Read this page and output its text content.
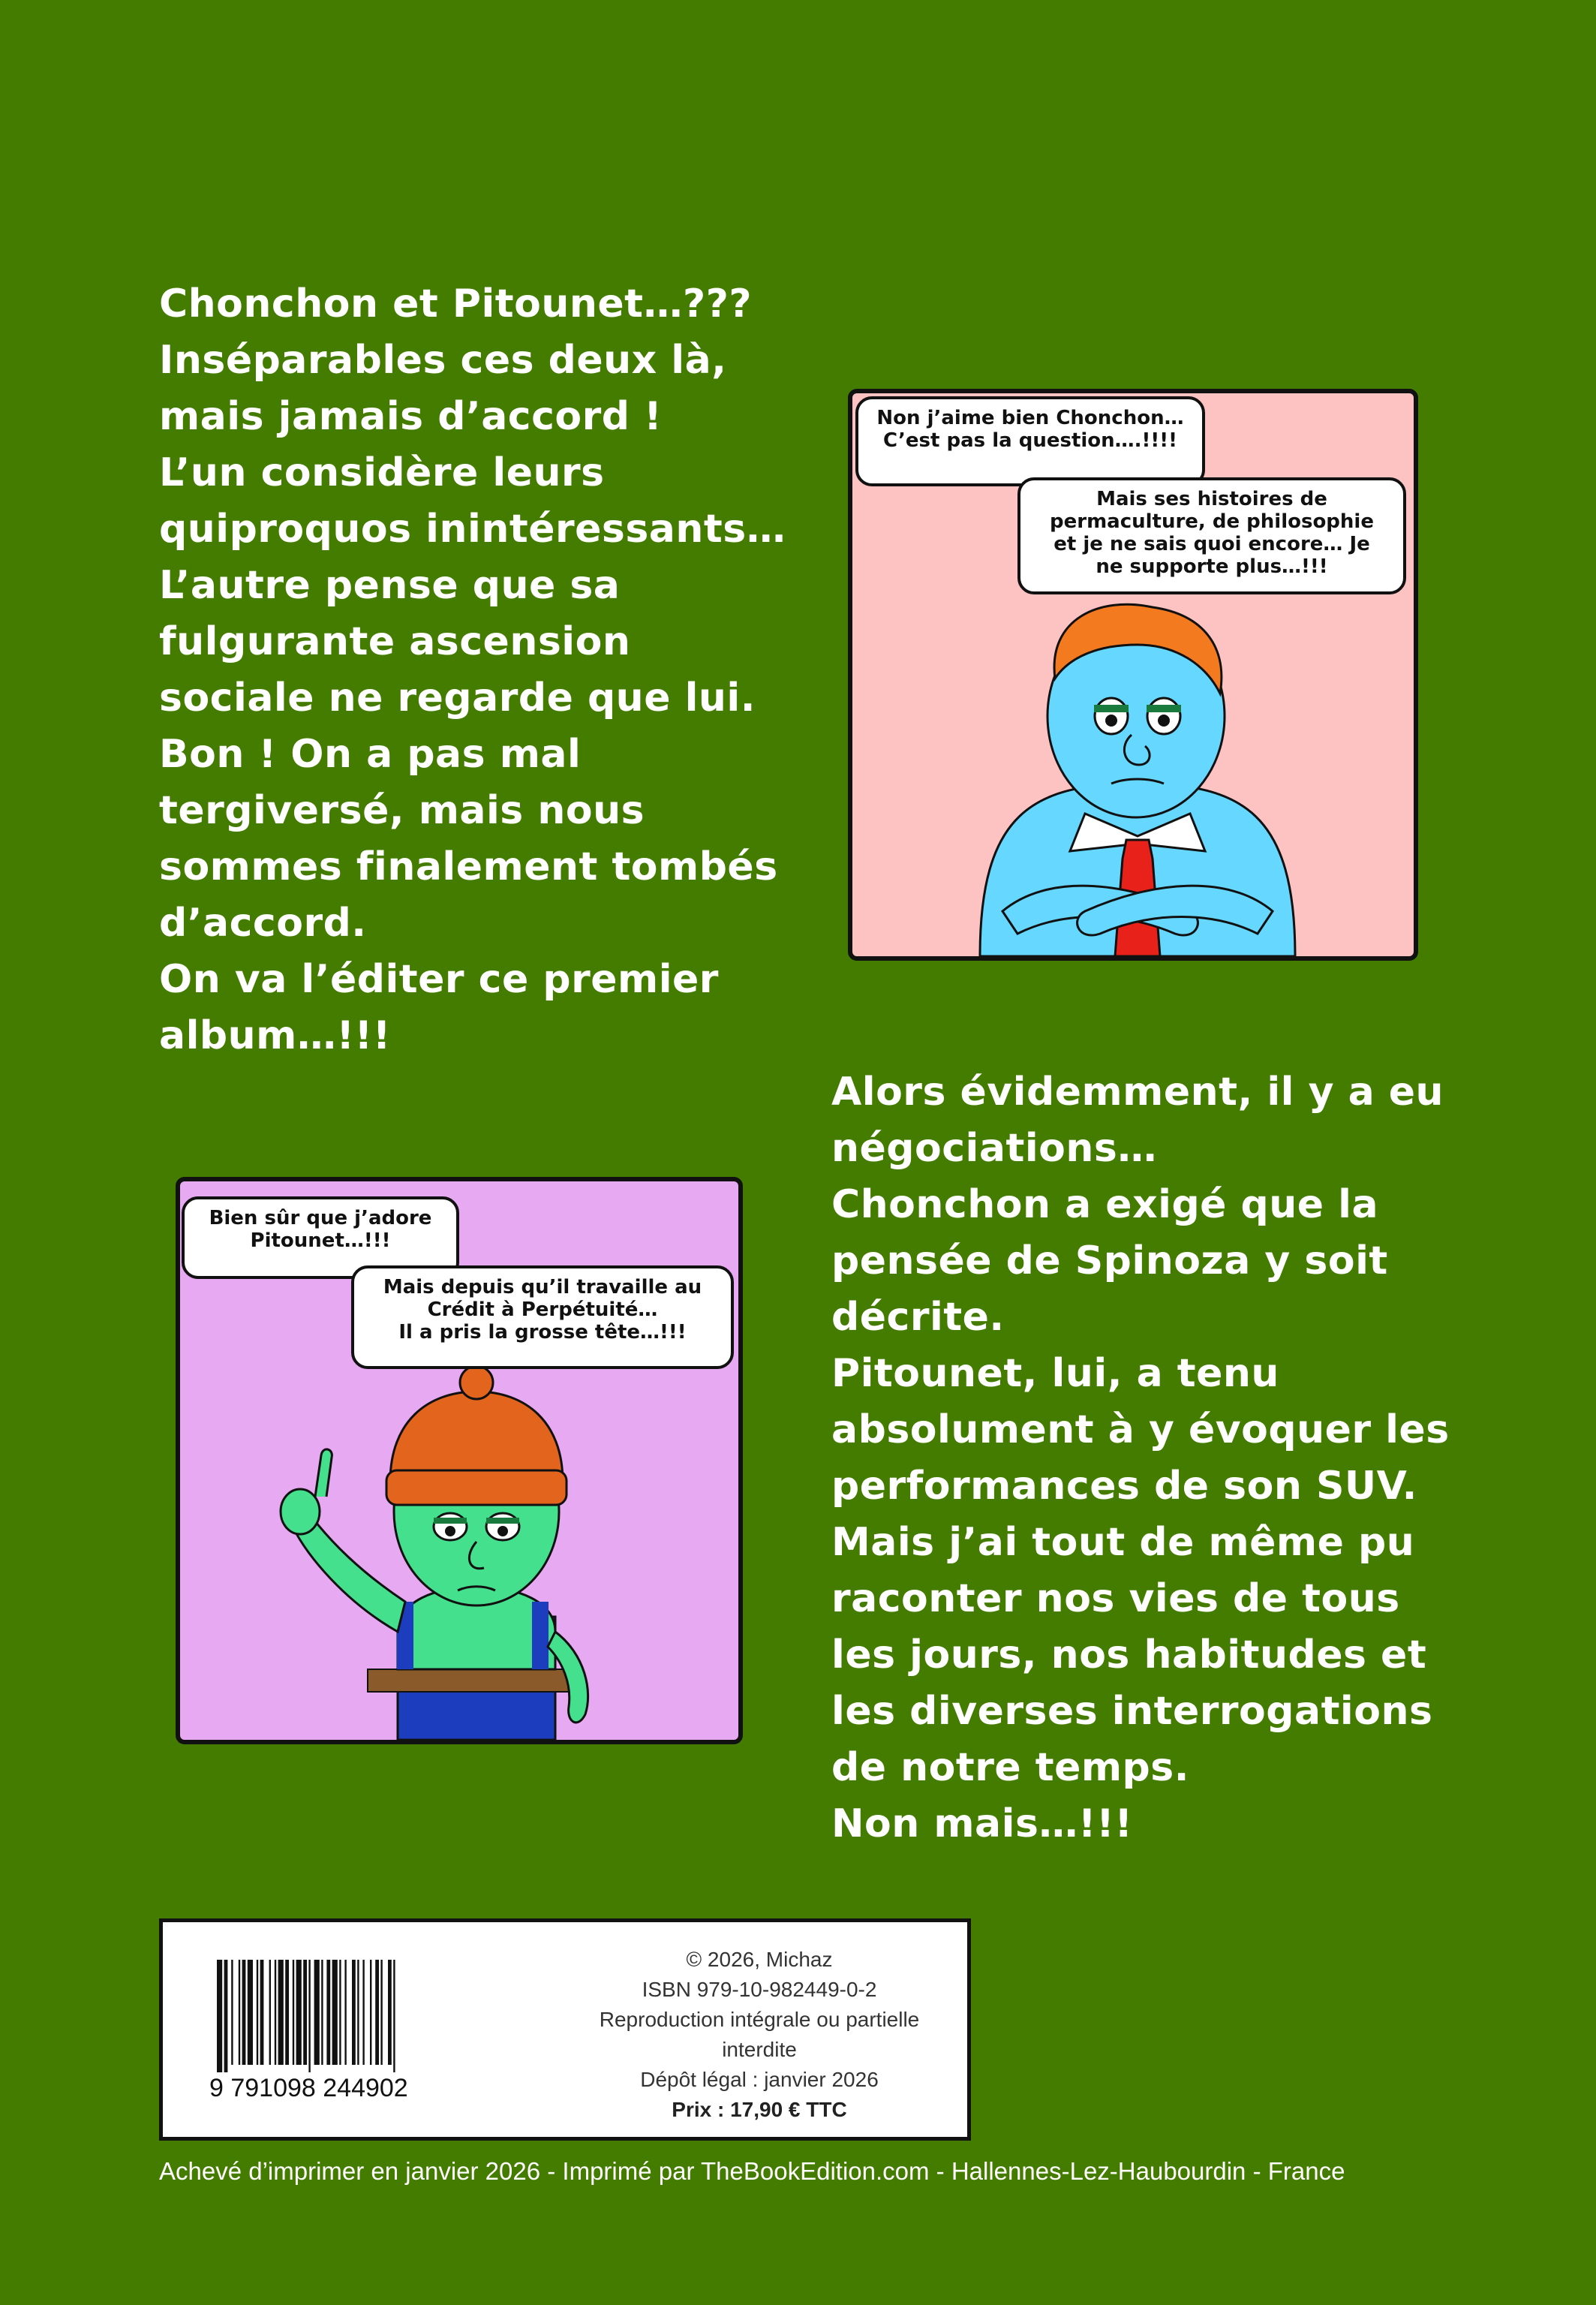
Chonchon et Pitounet…???
Inséparables ces deux là,
mais jamais d’accord !
L’un considère leurs
quiproquos inintéressants…
L’autre pense que sa
fulgurante ascension
sociale ne regarde que lui.
Bon ! On a pas mal
tergiversé, mais nous
sommes finalement tombés
d’accord.
On va l’éditer ce premier
album…!!!
Non j’aime bien Chonchon…
C’est pas la question….!!!!
Mais ses histoires de
permaculture, de philosophie
et je ne sais quoi encore… Je
ne supporte plus…!!!
Bien sûr que j’adore
Pitounet…!!!
Mais depuis qu’il travaille au
Crédit à Perpétuité…
Il a pris la grosse tête…!!!
Alors évidemment, il y a eu
négociations…
Chonchon a exigé que la
pensée de Spinoza y soit
décrite.
Pitounet, lui, a tenu
absolument à y évoquer les
performances de son SUV.
Mais j’ai tout de même pu
raconter nos vies de tous
les jours, nos habitudes et
les diverses interrogations
de notre temps.
Non mais…!!!
9 791098 244902
© 2026, Michaz
ISBN 979-10-982449-0-2
Reproduction intégrale ou partielle
interdite
Dépôt légal : janvier 2026
Prix : 17,90 € TTC
Achevé d’imprimer en janvier 2026 - Imprimé par TheBookEdition.com - Hallennes-Lez-Haubourdin - France
